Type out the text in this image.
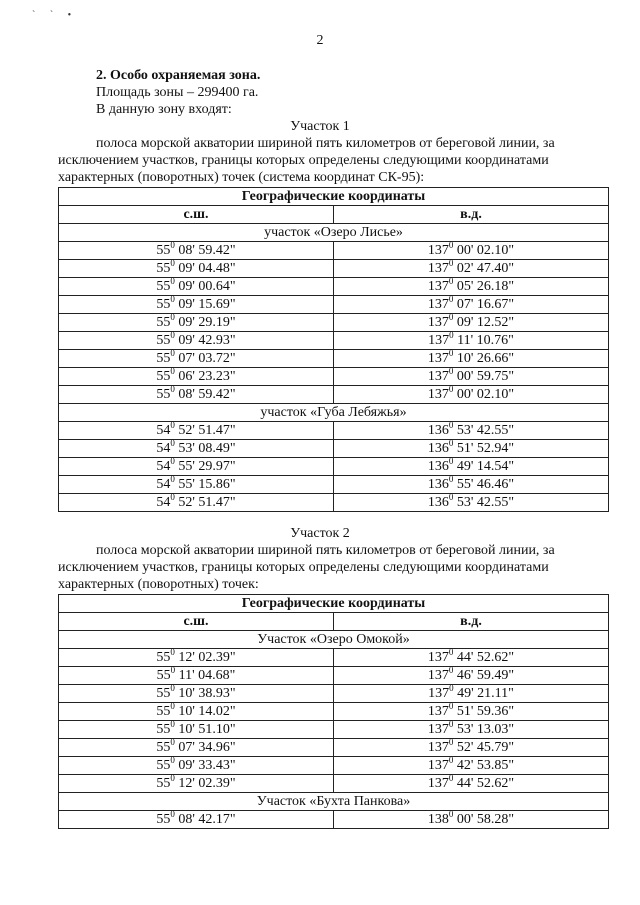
` ` •
2
2. Особо охраняемая зона.
Площадь зоны – 299400 га.
В данную зону входят:
Участок 1
полоса морской акватории шириной пять километров от береговой линии, за
исключением участков, границы которых определены следующими координатами
характерных (поворотных) точек (система координат СК-95):
Географические координаты	
с.ш.	в.д.
участок «Озеро Лисье»	
$55^0$ 08' 59.42"	$137^0$ 00' 02.10"
$55^0$ 09' 04.48"	$137^0$ 02' 47.40"
$55^0$ 09' 00.64"	$137^0$ 05' 26.18"
$55^0$ 09' 15.69"	$137^0$ 07' 16.67"
$55^0$ 09' 29.19"	$137^0$ 09' 12.52"
$55^0$ 09' 42.93"	$137^0$ 11' 10.76"
$55^0$ 07' 03.72"	$137^0$ 10' 26.66"
$55^0$ 06' 23.23"	$137^0$ 00' 59.75"
$55^0$ 08' 59.42"	$137^0$ 00' 02.10"
участок «Губа Лебяжья»	
$54^0$ 52' 51.47"	$136^0$ 53' 42.55"
$54^0$ 53' 08.49"	$136^0$ 51' 52.94"
$54^0$ 55' 29.97"	$136^0$ 49' 14.54"
$54^0$ 55' 15.86"	$136^0$ 55' 46.46"
$54^0$ 52' 51.47"	$136^0$ 53' 42.55"
Участок 2
полоса морской акватории шириной пять километров от береговой линии, за
исключением участков, границы которых определены следующими координатами
характерных (поворотных) точек:
Географические координаты	
с.ш.	в.д.
Участок «Озеро Омокой»	
$55^0$ 12' 02.39"	$137^0$ 44' 52.62"
$55^0$ 11' 04.68"	$137^0$ 46' 59.49"
$55^0$ 10' 38.93"	$137^0$ 49' 21.11"
$55^0$ 10' 14.02"	$137^0$ 51' 59.36"
$55^0$ 10' 51.10"	$137^0$ 53' 13.03"
$55^0$ 07' 34.96"	$137^0$ 52' 45.79"
$55^0$ 09' 33.43"	$137^0$ 42' 53.85"
$55^0$ 12' 02.39"	$137^0$ 44' 52.62"
Участок «Бухта Панкова»	
$55^0$ 08' 42.17"	$138^0$ 00' 58.28"
